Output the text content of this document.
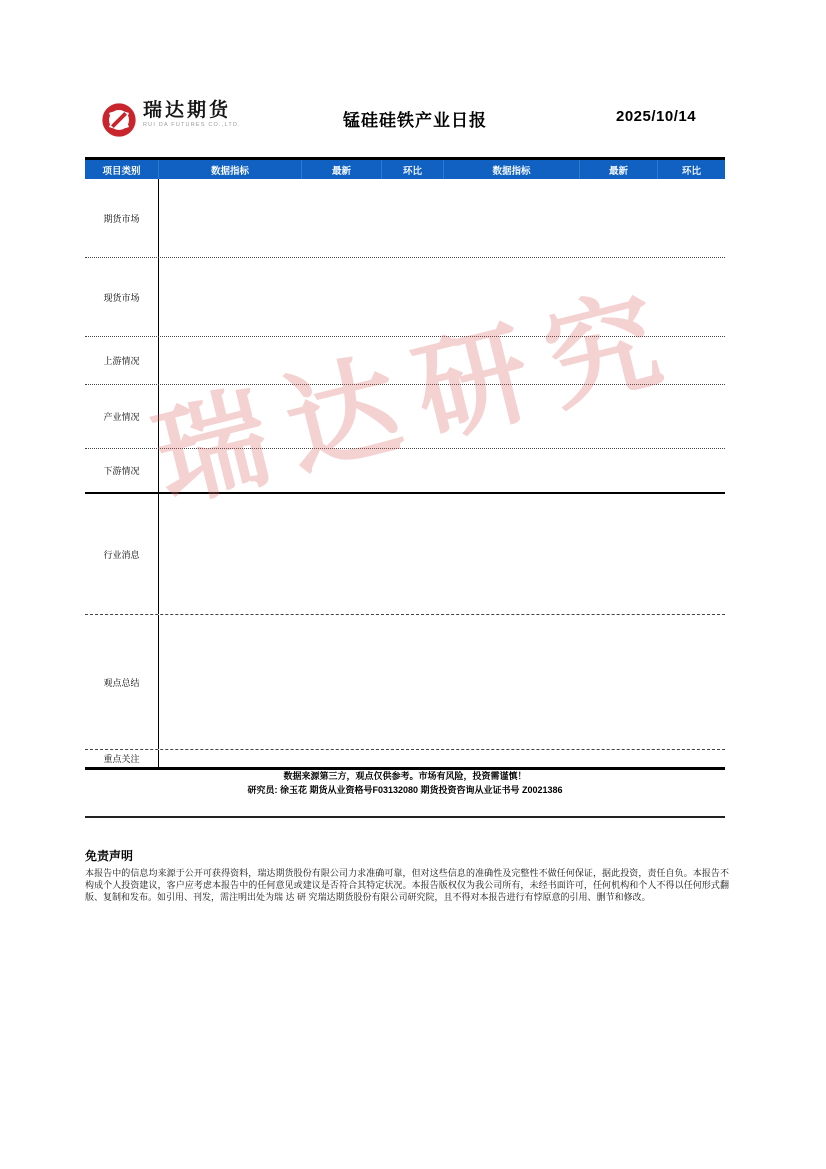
瑞达期货
RUI DA FUTURES CO.,LTD.	锰硅硅铁产业日报	2025/10/14
瑞达研究
项目类别	数据指标	最新	环比	数据指标	最新	环比
期货市场
现货市场
上游情况
产业情况
下游情况
行业消息
观点总结
重点关注
数据来源第三方，观点仅供参考。市场有风险，投资需谨慎！
研究员: 徐玉花 期货从业资格号F03132080 期货投资咨询从业证书号 Z0021386

免责声明

本报告中的信息均来源于公开可获得资料，瑞达期货股份有限公司力求准确可靠，但对这些信息的准确性及完整性不做任何保证，据此投资，责任自负。本报告不构成个人投资建议，客户应考虑本报告中的任何意见或建议是否符合其特定状况。本报告版权仅为我公司所有，未经书面许可，任何机构和个人不得以任何形式翻版、复制和发布。如引用、刊发，需注明出处为瑞 达 研 究瑞达期货股份有限公司研究院，且不得对本报告进行有悖原意的引用、删节和修改。
